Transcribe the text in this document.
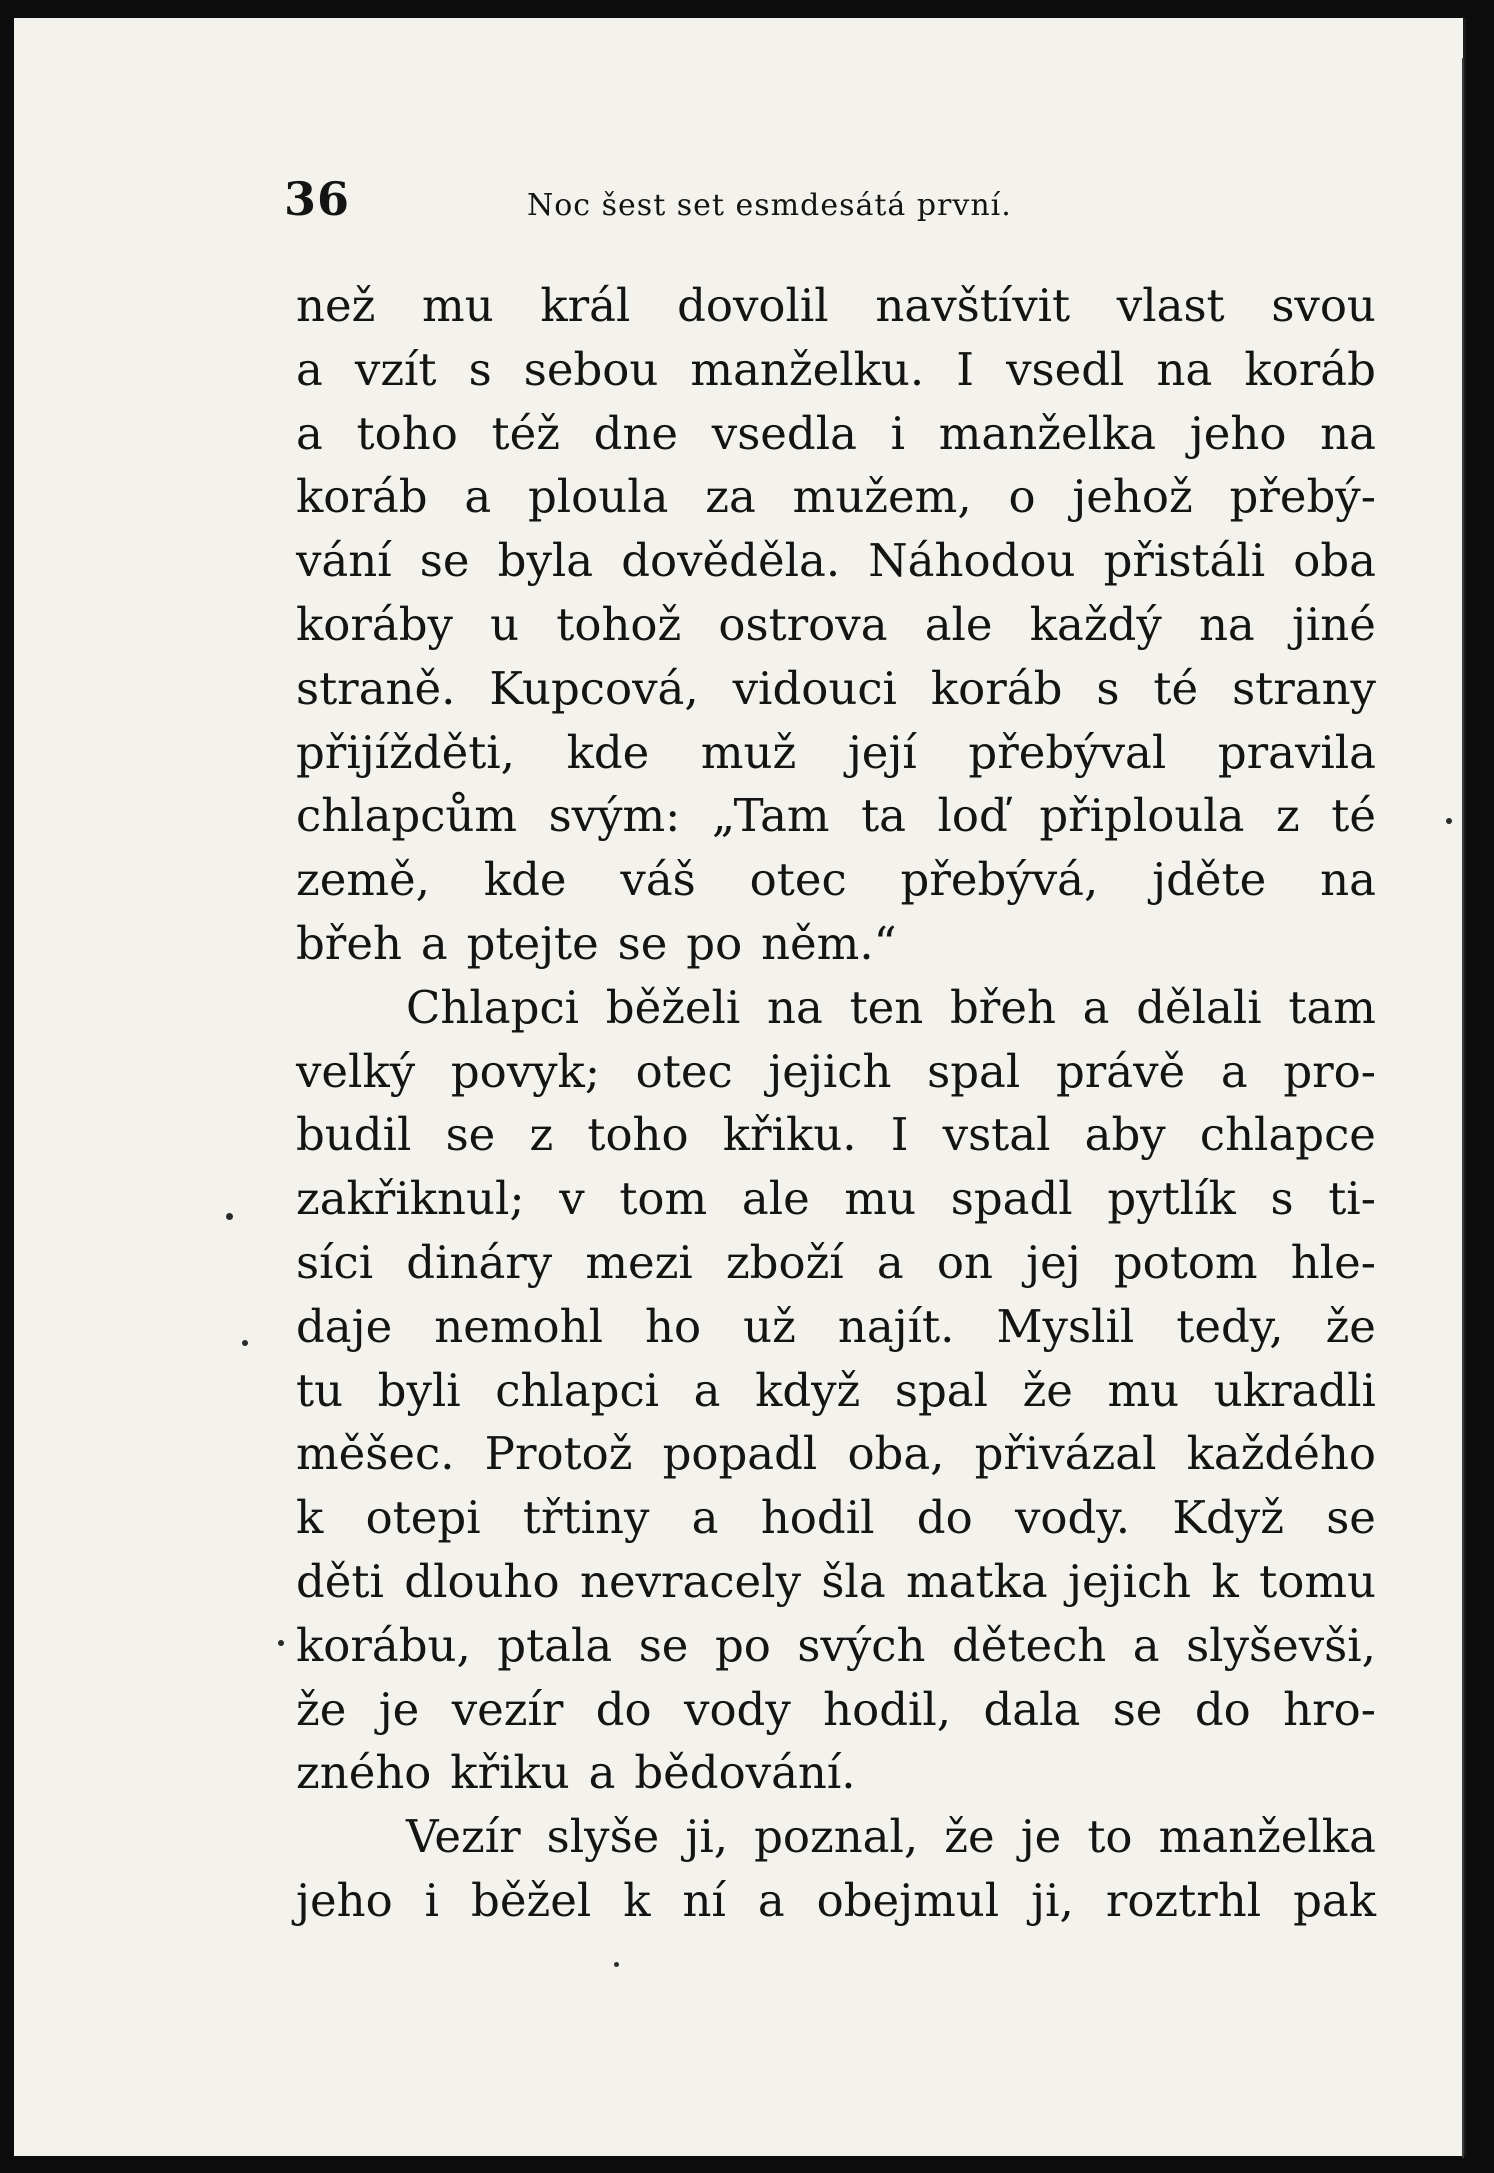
36	Noc šest set esmdesátá první.
než mu král dovolil navštívit vlast svou
a vzít s sebou manželku. I vsedl na koráb
a toho též dne vsedla i manželka jeho na
koráb a ploula za mužem, o jehož přebý-
vání se byla dověděla. Náhodou přistáli oba
koráby u tohož ostrova ale každý na jiné
straně. Kupcová, vidouci koráb s té strany
přijížděti, kde muž její přebýval pravila
chlapcům svým: „Tam ta loď připloula z té
země, kde váš otec přebývá, jděte na
břeh a ptejte se po něm.“
Chlapci běželi na ten břeh a dělali tam
velký povyk; otec jejich spal právě a pro-
budil se z toho křiku. I vstal aby chlapce
zakřiknul; v tom ale mu spadl pytlík s ti-
síci dináry mezi zboží a on jej potom hle-
daje nemohl ho už najít. Myslil tedy, že
tu byli chlapci a když spal že mu ukradli
měšec. Protož popadl oba, přivázal každého
k otepi třtiny a hodil do vody. Když se
děti dlouho nevracely šla matka jejich k tomu
korábu, ptala se po svých dětech a slyševši,
že je vezír do vody hodil, dala se do hro-
zného křiku a bědování.
Vezír slyše ji, poznal, že je to manželka
jeho i běžel k ní a obejmul ji, roztrhl pak
